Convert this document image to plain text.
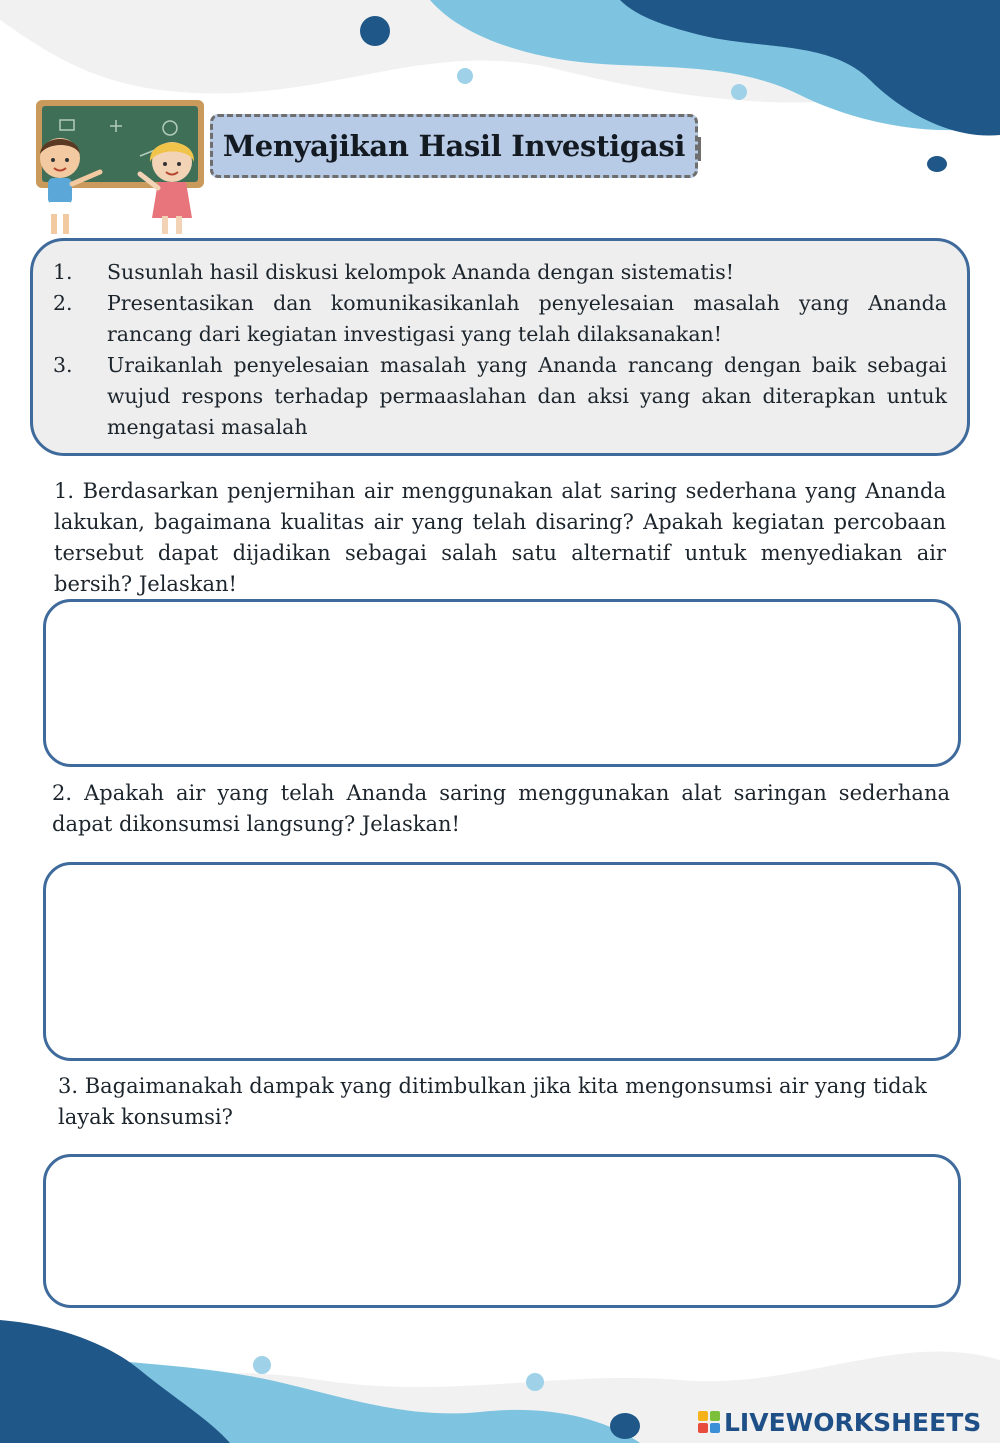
Menyajikan Hasil Investigasi
1.	Susunlah hasil diskusi kelompok Ananda dengan sistematis!
2.	Presentasikan dan komunikasikanlah penyelesaian masalah yang Ananda rancang dari kegiatan investigasi yang telah dilaksanakan!
3.	Uraikanlah penyelesaian masalah yang Ananda rancang dengan baik sebagai wujud respons terhadap permaaslahan dan aksi yang akan diterapkan untuk mengatasi masalah

1. Berdasarkan penjernihan air menggunakan alat saring sederhana yang Ananda lakukan, bagaimana kualitas air yang telah disaring? Apakah kegiatan percobaan tersebut dapat dijadikan sebagai salah satu alternatif untuk menyediakan air bersih? Jelaskan!

2. Apakah air yang telah Ananda saring menggunakan alat saringan sederhana dapat dikonsumsi langsung? Jelaskan!

3. Bagaimanakah dampak yang ditimbulkan jika kita mengonsumsi air yang tidak layak konsumsi?

LIVEWORKSHEETS
